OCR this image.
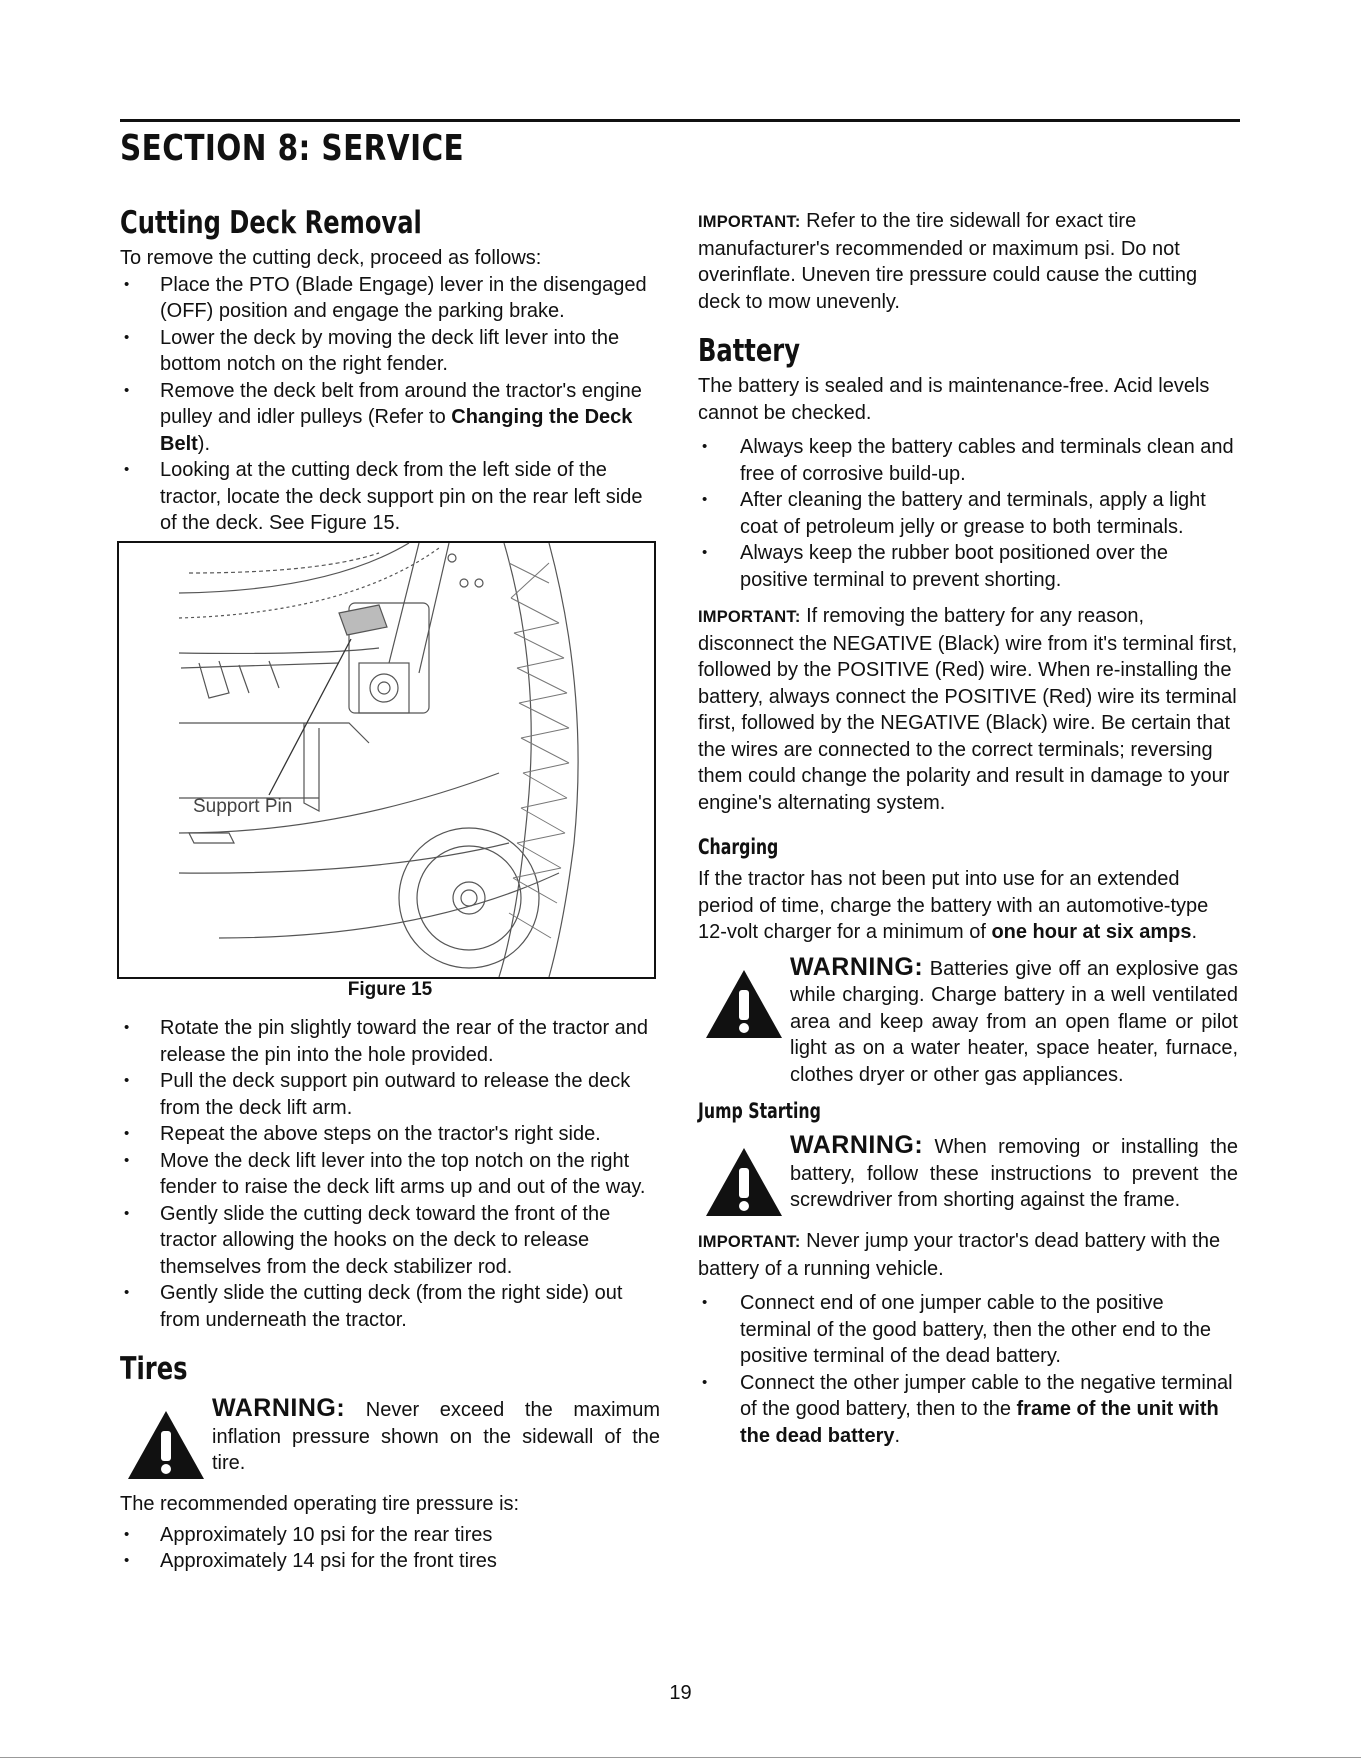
SECTION 8: SERVICE
Cutting Deck Removal

To remove the cutting deck, proceed as follows:

• Place the PTO (Blade Engage) lever in the disengaged (OFF) position and engage the parking brake.
• Lower the deck by moving the deck lift lever into the bottom notch on the right fender.
• Remove the deck belt from around the tractor's engine pulley and idler pulleys (Refer to Changing the Deck Belt).
• Looking at the cutting deck from the left side of the tractor, locate the deck support pin on the rear left side of the deck. See Figure 15.
Support Pin

Figure 15

• Rotate the pin slightly toward the rear of the tractor and release the pin into the hole provided.
• Pull the deck support pin outward to release the deck from the deck lift arm.
• Repeat the above steps on the tractor's right side.
• Move the deck lift lever into the top notch on the right fender to raise the deck lift arms up and out of the way.
• Gently slide the cutting deck toward the front of the tractor allowing the hooks on the deck to release themselves from the deck stabilizer rod.
• Gently slide the cutting deck (from the right side) out from underneath the tractor.
Tires
WARNING: Never exceed the maximum inflation pressure shown on the sidewall of the tire.

The recommended operating tire pressure is:

• Approximately 10 psi for the rear tires
• Approximately 14 psi for the front tires

IMPORTANT: Refer to the tire sidewall for exact tire manufacturer's recommended or maximum psi. Do not overinflate. Uneven tire pressure could cause the cutting deck to mow unevenly.

Battery

The battery is sealed and is maintenance-free. Acid levels cannot be checked.

• Always keep the battery cables and terminals clean and free of corrosive build-up.
• After cleaning the battery and terminals, apply a light coat of petroleum jelly or grease to both terminals.
• Always keep the rubber boot positioned over the positive terminal to prevent shorting.

IMPORTANT: If removing the battery for any reason, disconnect the NEGATIVE (Black) wire from it's terminal first, followed by the POSITIVE (Red) wire. When re-installing the battery, always connect the POSITIVE (Red) wire its terminal first, followed by the NEGATIVE (Black) wire. Be certain that the wires are connected to the correct terminals; reversing them could change the polarity and result in damage to your engine's alternating system.

Charging

If the tractor has not been put into use for an extended period of time, charge the battery with an automotive-type 12-volt charger for a minimum of one hour at six amps.

WARNING: Batteries give off an explosive gas while charging. Charge battery in a well ventilated area and keep away from an open flame or pilot light as on a water heater, space heater, furnace, clothes dryer or other gas appliances.
Jump Starting
WARNING: When removing or installing the battery, follow these instructions to prevent the screwdriver from shorting against the frame.

IMPORTANT: Never jump your tractor's dead battery with the battery of a running vehicle.

• Connect end of one jumper cable to the positive terminal of the good battery, then the other end to the positive terminal of the dead battery.
• Connect the other jumper cable to the negative terminal of the good battery, then to the frame of the unit with the dead battery.
19
